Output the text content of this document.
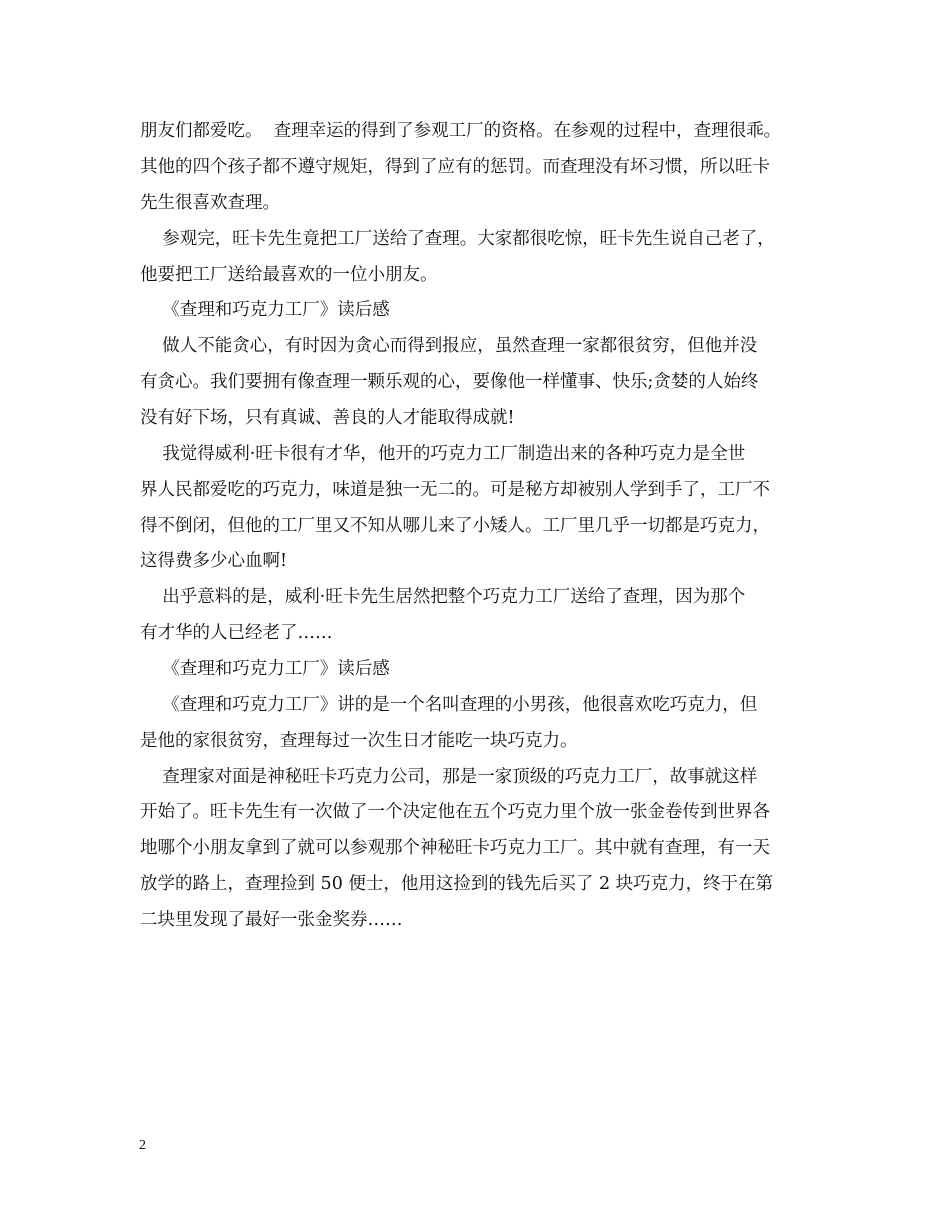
朋友们都爱吃。  查理幸运的得到了参观工厂的资格。在参观的过程中，查理很乖。

其他的四个孩子都不遵守规矩，得到了应有的惩罚。而查理没有坏习惯，所以旺卡

先生很喜欢查理。

参观完，旺卡先生竟把工厂送给了查理。大家都很吃惊，旺卡先生说自己老了，

他要把工厂送给最喜欢的一位小朋友。

《查理和巧克力工厂》读后感

做人不能贪心，有时因为贪心而得到报应，虽然查理一家都很贫穷，但他并没

有贪心。我们要拥有像查理一颗乐观的心，要像他一样懂事、快乐;贪婪的人始终

没有好下场，只有真诚、善良的人才能取得成就!

我觉得威利·旺卡很有才华，他开的巧克力工厂制造出来的各种巧克力是全世

界人民都爱吃的巧克力，味道是独一无二的。可是秘方却被别人学到手了，工厂不

得不倒闭，但他的工厂里又不知从哪儿来了小矮人。工厂里几乎一切都是巧克力，

这得费多少心血啊!

出乎意料的是，威利·旺卡先生居然把整个巧克力工厂送给了查理，因为那个

有才华的人已经老了……

《查理和巧克力工厂》读后感

《查理和巧克力工厂》讲的是一个名叫查理的小男孩，他很喜欢吃巧克力，但

是他的家很贫穷，查理每过一次生日才能吃一块巧克力。

查理家对面是神秘旺卡巧克力公司，那是一家顶级的巧克力工厂，故事就这样

开始了。旺卡先生有一次做了一个决定他在五个巧克力里个放一张金卷传到世界各

地哪个小朋友拿到了就可以参观那个神秘旺卡巧克力工厂。其中就有查理，有一天

放学的路上，查理捡到 50 便士，他用这捡到的钱先后买了 2 块巧克力，终于在第

二块里发现了最好一张金奖券……

2
